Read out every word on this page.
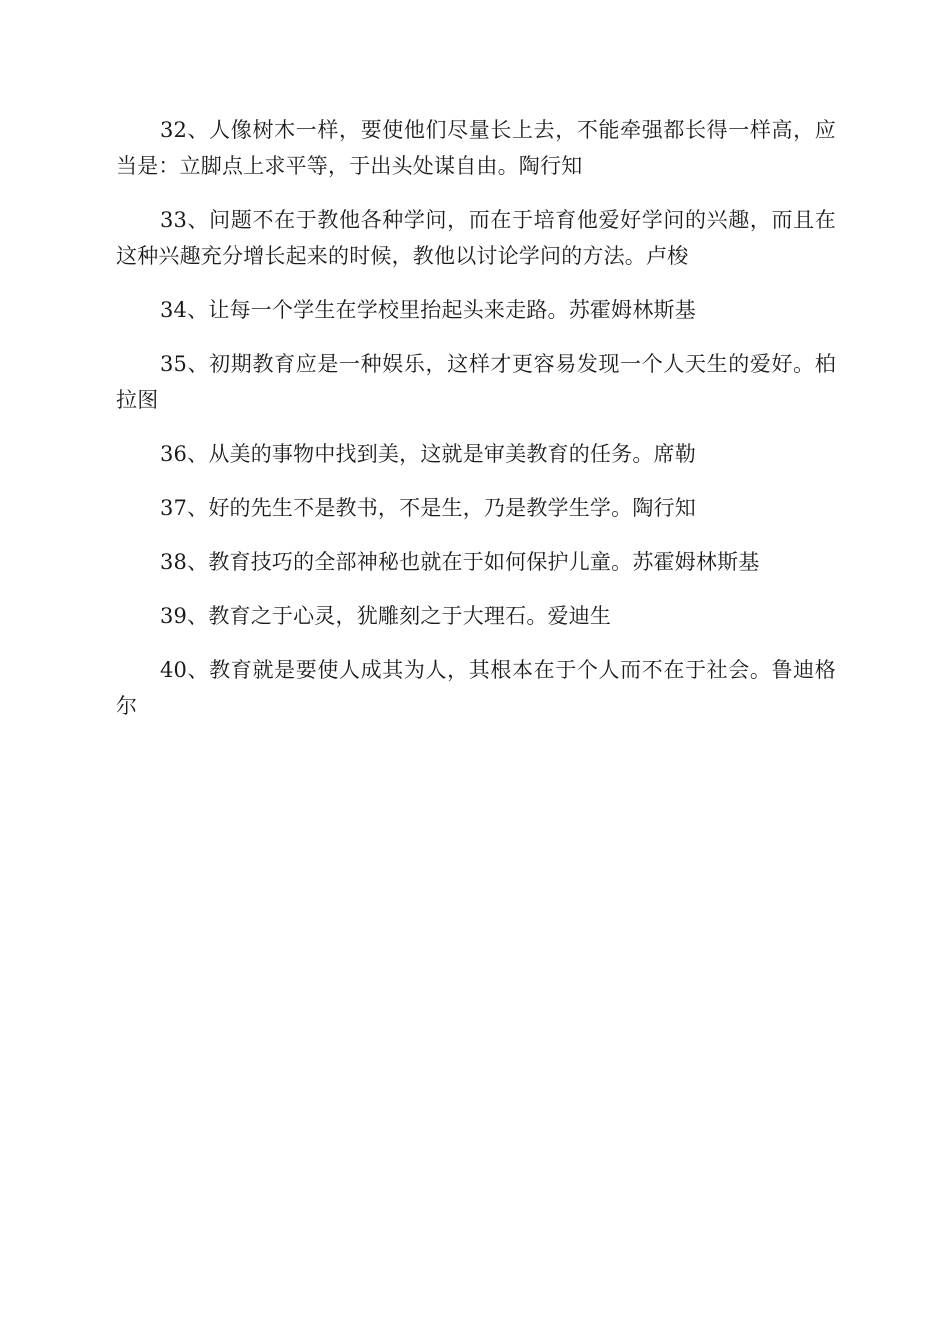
32、人像树木一样，要使他们尽量长上去，不能牵强都长得一样高，应当是：立脚点上求平等，于出头处谋自由。陶行知

33、问题不在于教他各种学问，而在于培育他爱好学问的兴趣，而且在这种兴趣充分增长起来的时候，教他以讨论学问的方法。卢梭

34、让每一个学生在学校里抬起头来走路。苏霍姆林斯基

35、初期教育应是一种娱乐，这样才更容易发现一个人天生的爱好。柏拉图

36、从美的事物中找到美，这就是审美教育的任务。席勒

37、好的先生不是教书，不是生，乃是教学生学。陶行知

38、教育技巧的全部神秘也就在于如何保护儿童。苏霍姆林斯基

39、教育之于心灵，犹雕刻之于大理石。爱迪生

40、教育就是要使人成其为人，其根本在于个人而不在于社会。鲁迪格尔
